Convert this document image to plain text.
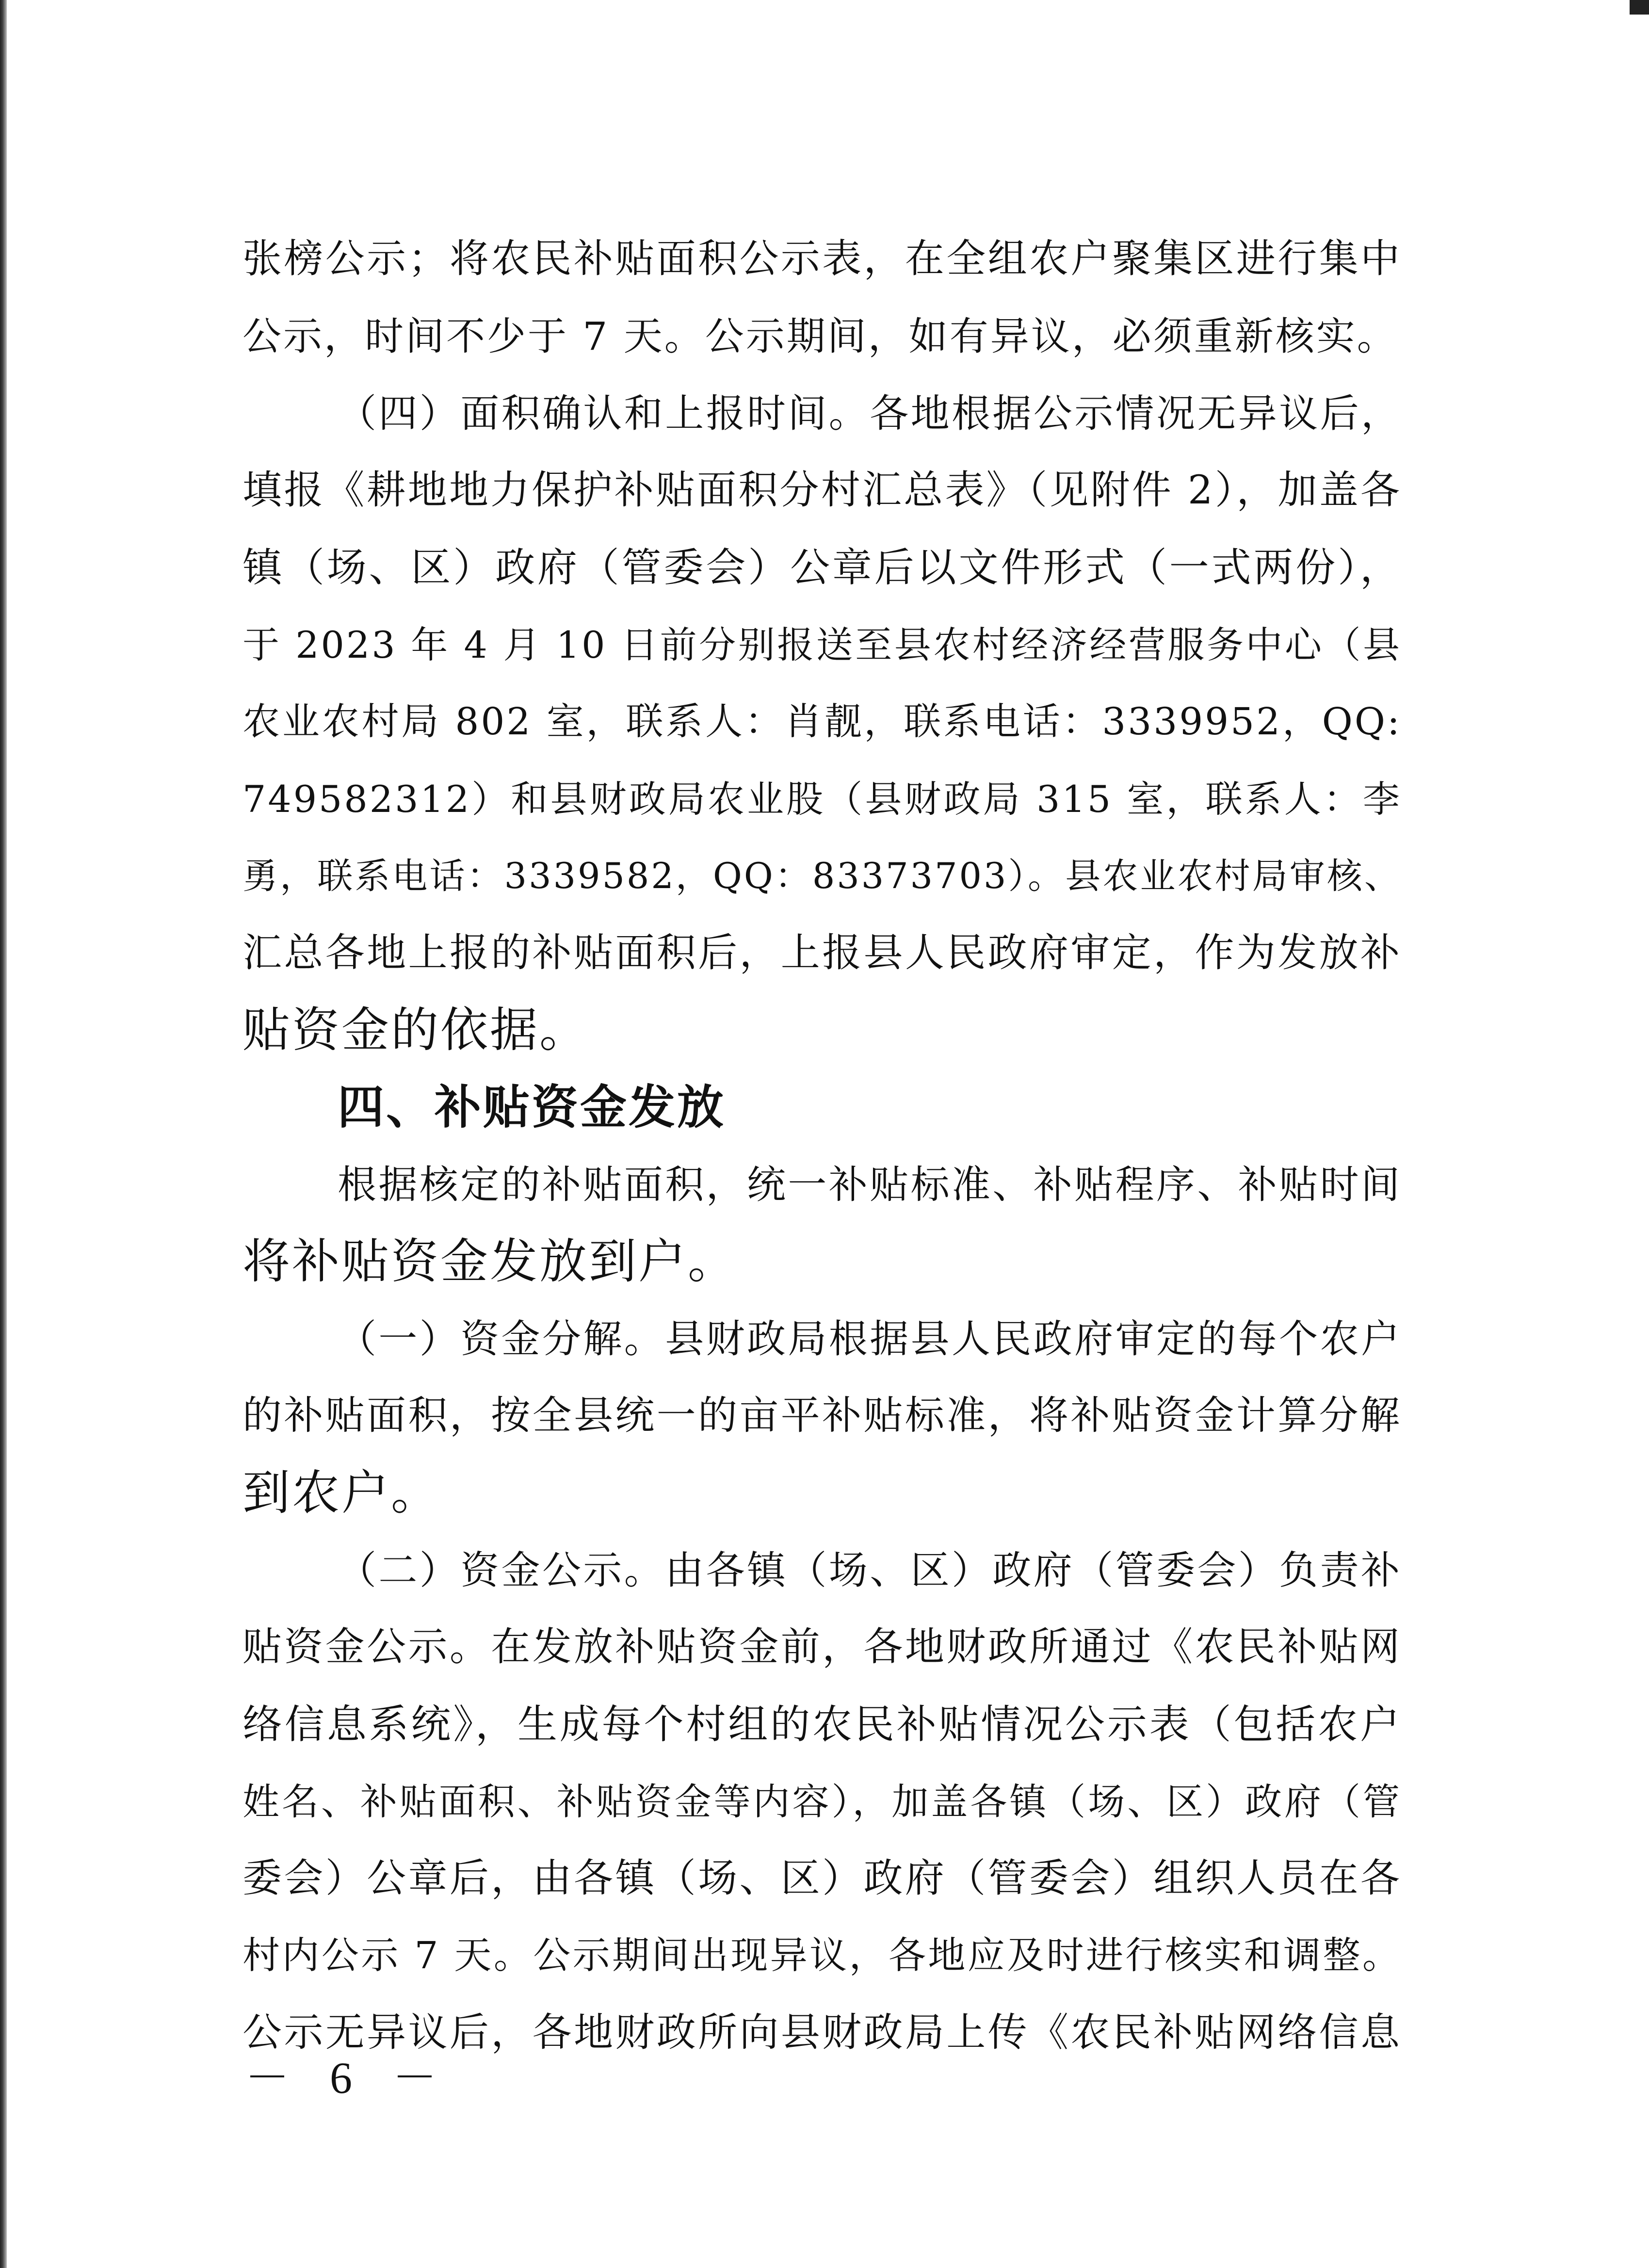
张榜公示；将农民补贴面积公示表，在全组农户聚集区进行集中
公示，时间不少于 7 天。公示期间，如有异议，必须重新核实。
（四）面积确认和上报时间。各地根据公示情况无异议后，
填报《耕地地力保护补贴面积分村汇总表》（见附件 2），加盖各
镇（场、区）政府（管委会）公章后以文件形式（一式两份），
于 2023 年 4 月 10 日前分别报送至县农村经济经营服务中心（县
农业农村局 802 室，联系人：肖靓，联系电话：3339952，QQ:
749582312）和县财政局农业股（县财政局 315 室，联系人：李
勇，联系电话：3339582，QQ：83373703）。县农业农村局审核、
汇总各地上报的补贴面积后，上报县人民政府审定，作为发放补
贴资金的依据。
四、补贴资金发放
根据核定的补贴面积，统一补贴标准、补贴程序、补贴时间
将补贴资金发放到户。
（一）资金分解。县财政局根据县人民政府审定的每个农户
的补贴面积，按全县统一的亩平补贴标准，将补贴资金计算分解
到农户。
（二）资金公示。由各镇（场、区）政府（管委会）负责补
贴资金公示。在发放补贴资金前，各地财政所通过《农民补贴网
络信息系统》，生成每个村组的农民补贴情况公示表（包括农户
姓名、补贴面积、补贴资金等内容），加盖各镇（场、区）政府（管
委会）公章后，由各镇（场、区）政府（管委会）组织人员在各
村内公示 7 天。公示期间出现异议，各地应及时进行核实和调整。
公示无异议后，各地财政所向县财政局上传《农民补贴网络信息
－ 6 －
